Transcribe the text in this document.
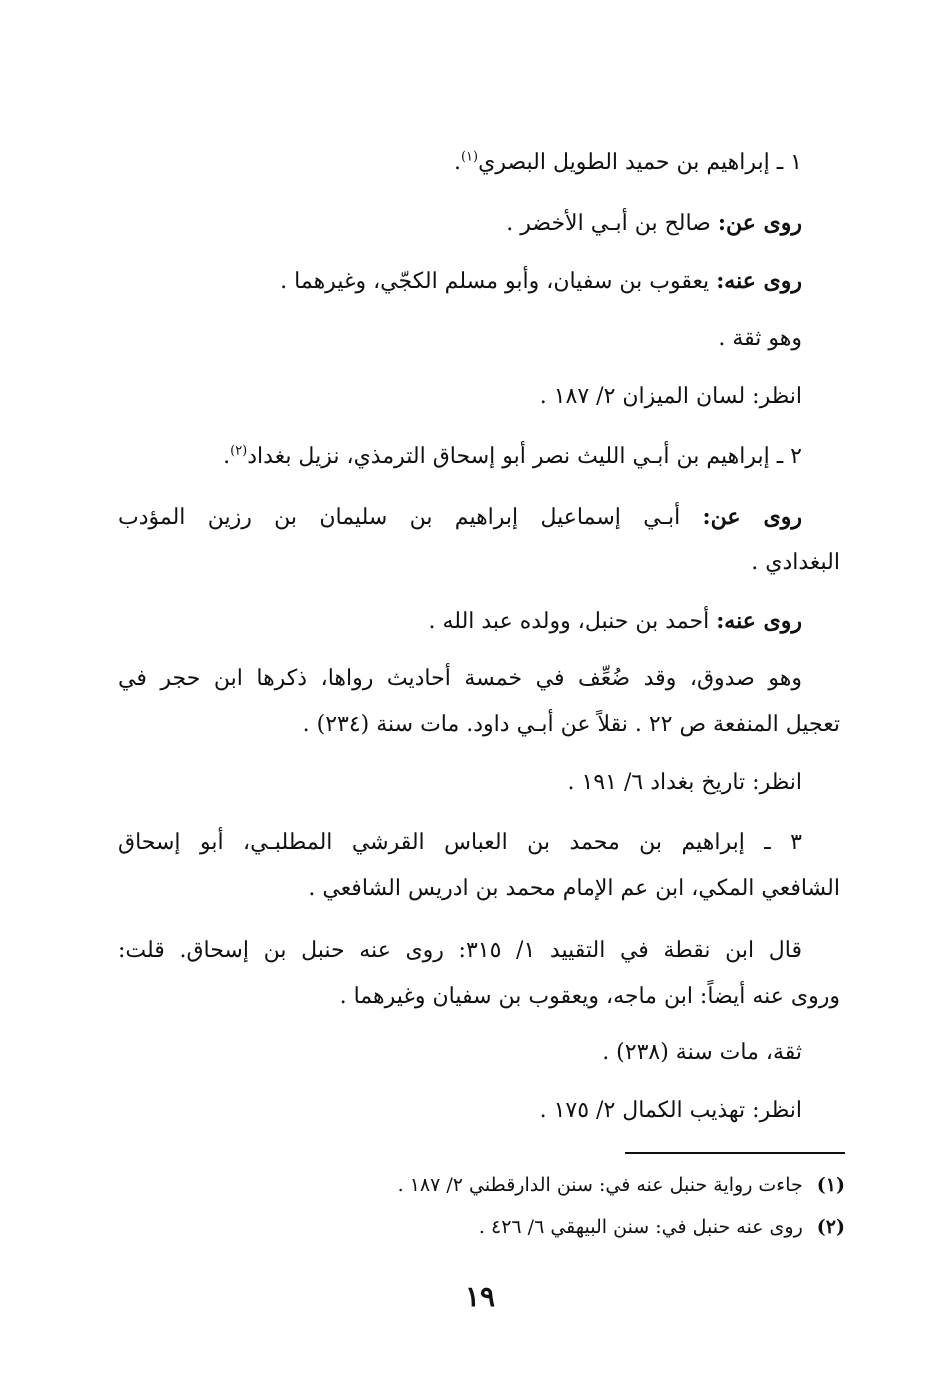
١ ـ إبراهيم بن حميد الطويل البصري$^{(١)}$.
روى عن: صالح بن أبـي الأخضر .
روى عنه: يعقوب بن سفيان، وأبو مسلم الكجّي، وغيرهما .
وهو ثقة .
انظر: لسان الميزان ٢/ ١٨٧ .
٢ ـ إبراهيم بن أبـي الليث نصر أبو إسحاق الترمذي، نزيل بغداد$^{(٢)}$.
روى عن: أبـي إسماعيل إبراهيم بن سليمان بن رزين المؤدب
البغدادي .
روى عنه: أحمد بن حنبل، وولده عبد الله .
وهو صدوق، وقد ضُعِّف في خمسة أحاديث رواها، ذكرها ابن حجر في
تعجيل المنفعة ص ٢٢ . نقلاً عن أبـي داود. مات سنة (٢٣٤) .
انظر: تاريخ بغداد ٦/ ١٩١ .
٣ ـ إبراهيم بن محمد بن العباس القرشي المطلبـي، أبو إسحاق
الشافعي المكي، ابن عم الإمام محمد بن ادريس الشافعي .
قال ابن نقطة في التقييد ١/ ٣١٥: روى عنه حنبل بن إسحاق. قلت:
وروى عنه أيضاً: ابن ماجه، ويعقوب بن سفيان وغيرهما .
ثقة، مات سنة (٢٣٨) .
انظر: تهذيب الكمال ٢/ ١٧٥ .
(١)جاءت رواية حنبل عنه في: سنن الدارقطني ٢/ ١٨٧ .
(٢)روى عنه حنبل في: سنن البيهقي ٦/ ٤٢٦ .
١٩
